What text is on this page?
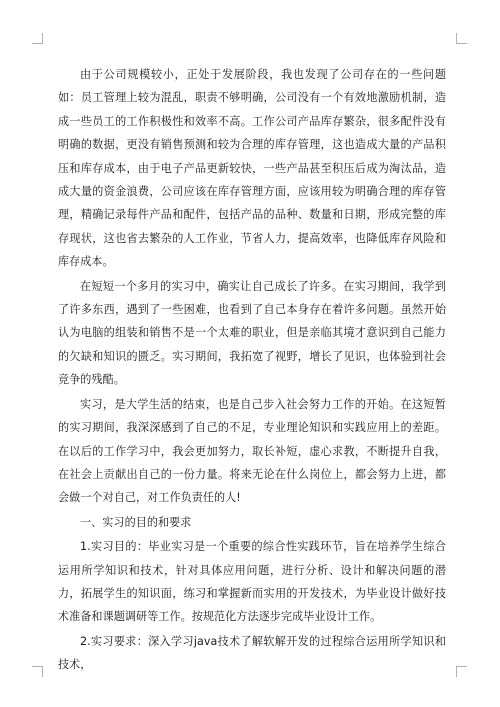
由于公司规模较小，正处于发展阶段，我也发现了公司存在的一些问题如：员工管理上较为混乱，职责不够明确，公司没有一个有效地激励机制，造成一些员工的工作积极性和效率不高。工作公司产品库存繁杂，很多配件没有明确的数据，更没有销售预测和较为合理的库存管理，这也造成大量的产品积压和库存成本，由于电子产品更新较快，一些产品甚至积压后成为淘汰品，造成大量的资金浪费，公司应该在库存管理方面，应该用较为明确合理的库存管理，精确记录每件产品和配件，包括产品的品种、数量和日期，形成完整的库存现状，这也省去繁杂的人工作业，节省人力，提高效率，也降低库存风险和库存成本。

在短短一个多月的实习中，确实让自己成长了许多。在实习期间，我学到了许多东西，遇到了一些困难，也看到了自己本身存在着许多问题。虽然开始认为电脑的组装和销售不是一个太难的职业，但是亲临其境才意识到自己能力的欠缺和知识的匮乏。实习期间，我拓宽了视野，增长了见识，也体验到社会竞争的残酷。

实习，是大学生活的结束，也是自己步入社会努力工作的开始。在这短暂的实习期间，我深深感到了自己的不足，专业理论知识和实践应用上的差距。在以后的工作学习中，我会更加努力，取长补短，虚心求教，不断提升自我，在社会上贡献出自己的一份力量。将来无论在什么岗位上，都会努力上进，都会做一个对自己，对工作负责任的人!

一、实习的目的和要求

1.实习目的：毕业实习是一个重要的综合性实践环节，旨在培养学生综合运用所学知识和技术，针对具体应用问题，进行分析、设计和解决问题的潜力，拓展学生的知识面，练习和掌握新而实用的开发技术，为毕业设计做好技术准备和课题调研等工作。按规范化方法逐步完成毕业设计工作。

2.实习要求：深入学习java技术了解软解开发的过程综合运用所学知识和技术，
